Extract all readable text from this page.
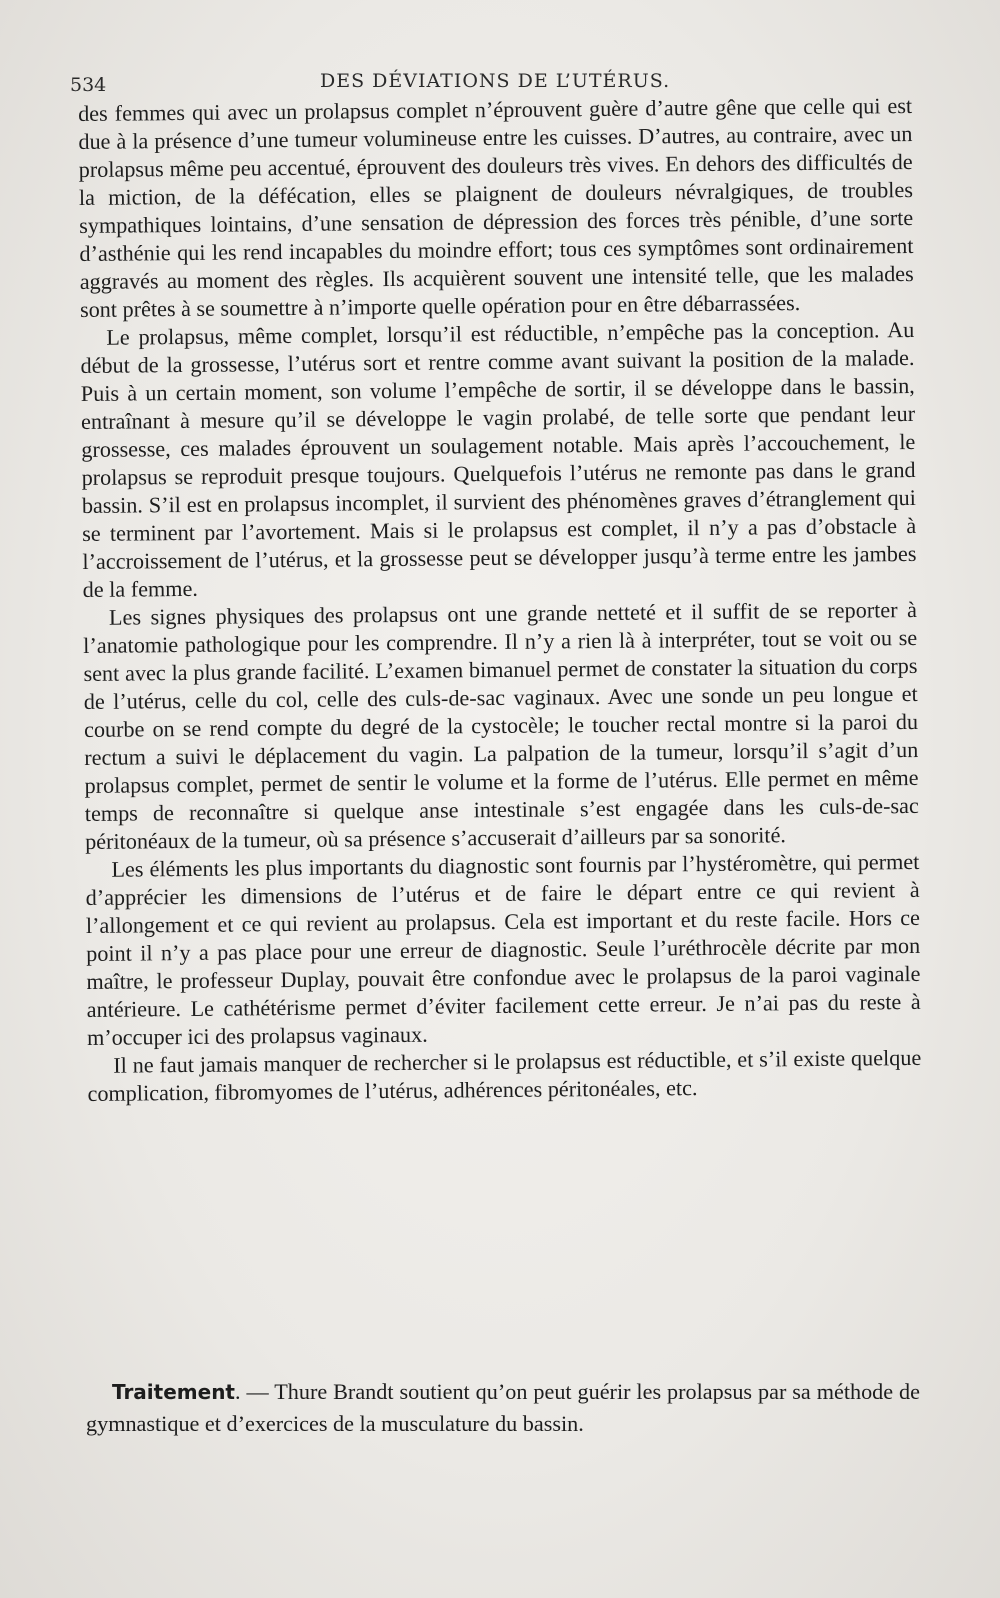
534	DES DÉVIATIONS DE L’UTÉRUS.

des femmes qui avec un prolapsus complet n’éprouvent guère d’autre gêne que celle qui est due à la présence d’une tumeur volumineuse entre les cuisses. D’autres, au contraire, avec un prolapsus même peu accentué, éprouvent des douleurs très vives. En dehors des difficultés de la miction, de la défécation, elles se plaignent de douleurs névralgiques, de troubles sympathiques lointains, d’une sensation de dépression des forces très pénible, d’une sorte d’asthénie qui les rend incapables du moindre effort; tous ces symptômes sont ordinairement aggravés au moment des règles. Ils acquièrent souvent une intensité telle, que les malades sont prêtes à se soumettre à n’importe quelle opération pour en être débarrassées.

Le prolapsus, même complet, lorsqu’il est réductible, n’empêche pas la conception. Au début de la grossesse, l’utérus sort et rentre comme avant suivant la position de la malade. Puis à un certain moment, son volume l’empêche de sortir, il se développe dans le bassin, entraînant à mesure qu’il se développe le vagin prolabé, de telle sorte que pendant leur grossesse, ces malades éprouvent un soulagement notable. Mais après l’accouchement, le prolapsus se reproduit presque toujours. Quelquefois l’utérus ne remonte pas dans le grand bassin. S’il est en prolapsus incomplet, il survient des phénomènes graves d’étranglement qui se terminent par l’avortement. Mais si le prolapsus est complet, il n’y a pas d’obstacle à l’accroissement de l’utérus, et la grossesse peut se développer jusqu’à terme entre les jambes de la femme.

Les signes physiques des prolapsus ont une grande netteté et il suffit de se reporter à l’anatomie pathologique pour les comprendre. Il n’y a rien là à interpréter, tout se voit ou se sent avec la plus grande facilité. L’examen bimanuel permet de constater la situation du corps de l’utérus, celle du col, celle des culs-de-sac vaginaux. Avec une sonde un peu longue et courbe on se rend compte du degré de la cystocèle; le toucher rectal montre si la paroi du rectum a suivi le déplacement du vagin. La palpation de la tumeur, lorsqu’il s’agit d’un prolapsus complet, permet de sentir le volume et la forme de l’utérus. Elle permet en même temps de reconnaître si quelque anse intestinale s’est engagée dans les culs-de-sac péritonéaux de la tumeur, où sa présence s’accuserait d’ailleurs par sa sonorité.

Les éléments les plus importants du diagnostic sont fournis par l’hystéromètre, qui permet d’apprécier les dimensions de l’utérus et de faire le départ entre ce qui revient à l’allongement et ce qui revient au prolapsus. Cela est important et du reste facile. Hors ce point il n’y a pas place pour une erreur de diagnostic. Seule l’uréthrocèle décrite par mon maître, le professeur Duplay, pouvait être confondue avec le prolapsus de la paroi vaginale antérieure. Le cathétérisme permet d’éviter facilement cette erreur. Je n’ai pas du reste à m’occuper ici des prolapsus vaginaux.

Il ne faut jamais manquer de rechercher si le prolapsus est réductible, et s’il existe quelque complication, fibromyomes de l’utérus, adhérences péritonéales, etc.

Traitement. — Thure Brandt soutient qu’on peut guérir les prolapsus par sa méthode de gymnastique et d’exercices de la musculature du bassin.
